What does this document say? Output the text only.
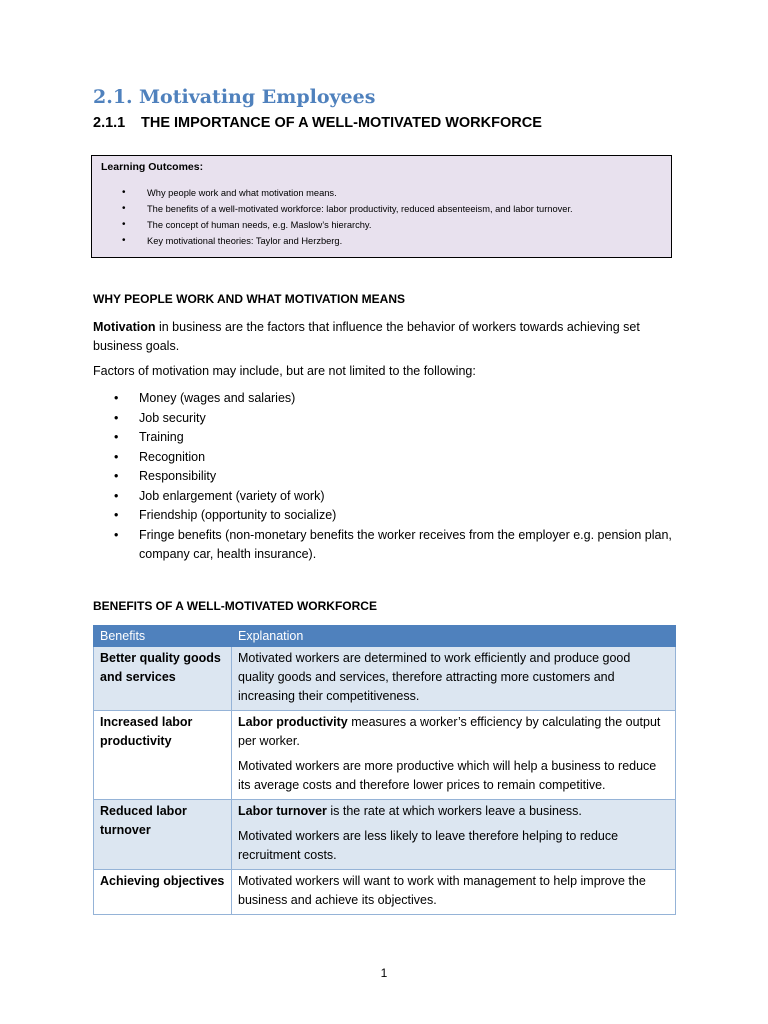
2.1. Motivating Employees
2.1.1 THE IMPORTANCE OF A WELL-MOTIVATED WORKFORCE
Learning Outcomes:
• Why people work and what motivation means.
• The benefits of a well-motivated workforce: labor productivity, reduced absenteeism, and labor turnover.
• The concept of human needs, e.g. Maslow’s hierarchy.
• Key motivational theories: Taylor and Herzberg.
WHY PEOPLE WORK AND WHAT MOTIVATION MEANS
Motivation in business are the factors that influence the behavior of workers towards achieving set business goals.
Factors of motivation may include, but are not limited to the following:
• Money (wages and salaries)
• Job security
• Training
• Recognition
• Responsibility
• Job enlargement (variety of work)
• Friendship (opportunity to socialize)
• Fringe benefits (non-monetary benefits the worker receives from the employer e.g. pension plan, company car, health insurance).
BENEFITS OF A WELL-MOTIVATED WORKFORCE
Benefits	Explanation
Better quality goods and services	Motivated workers are determined to work efficiently and produce good quality goods and services, therefore attracting more customers and increasing their competitiveness.

Increased labor productivity	Labor productivity measures a worker’s efficiency by calculating the output per worker.

Motivated workers are more productive which will help a business to reduce its average costs and therefore lower prices to remain competitive.

Reduced labor turnover	Labor turnover is the rate at which workers leave a business.

Motivated workers are less likely to leave therefore helping to reduce recruitment costs.

Achieving objectives	Motivated workers will want to work with management to help improve the business and achieve its objectives.

1
